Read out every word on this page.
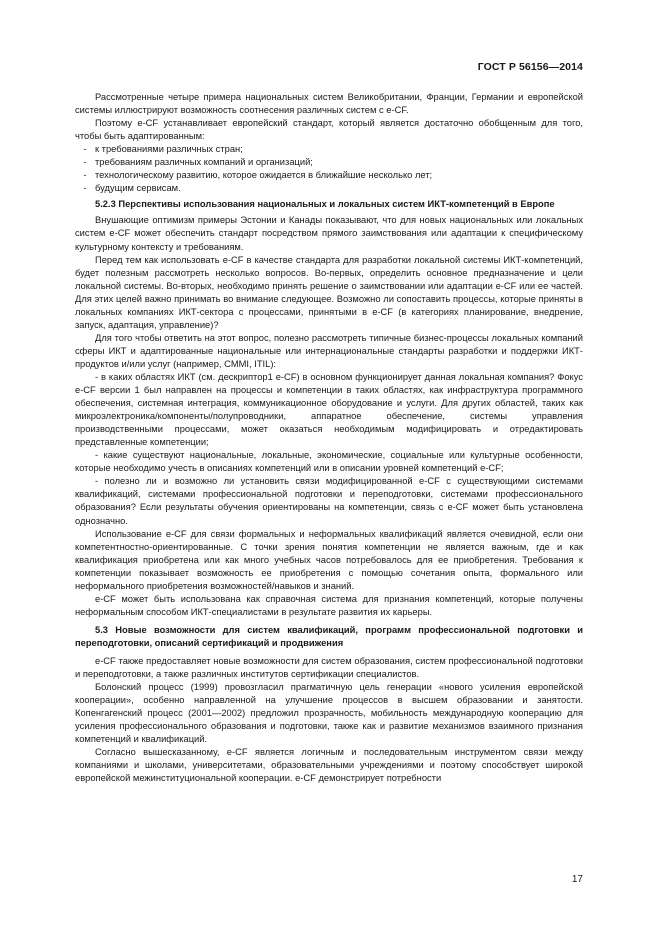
ГОСТ Р 56156—2014

Рассмотренные четыре примера национальных систем Великобритании, Франции, Германии и европейской системы иллюстрируют возможность соотнесения различных систем с e-CF.

Поэтому e-CF устанавливает европейский стандарт, который является достаточно обобщенным для того, чтобы быть адаптированным:

- к требованиями различных стран;

- требованиям различных компаний и организаций;

- технологическому развитию, которое ожидается в ближайшие несколько лет;

- будущим сервисам.

5.2.3 Перспективы использования национальных и локальных систем ИКТ-компетенций в Европе

Внушающие оптимизм примеры Эстонии и Канады показывают, что для новых национальных или локальных систем e-CF может обеспечить стандарт посредством прямого заимствования или адаптации к специфическому культурному контексту и требованиям.

Перед тем как использовать e-CF в качестве стандарта для разработки локальной системы ИКТ-компетенций, будет полезным рассмотреть несколько вопросов. Во-первых, определить основное предназначение и цели локальной системы. Во-вторых, необходимо принять решение о заимствовании или адаптации e-CF или ее частей. Для этих целей важно принимать во внимание следующее. Возможно ли сопоставить процессы, которые приняты в локальных компаниях ИКТ-сектора с процессами, принятыми в e-CF (в категориях планирование, внедрение, запуск, адаптация, управление)?

Для того чтобы ответить на этот вопрос, полезно рассмотреть типичные бизнес-процессы локальных компаний сферы ИКТ и адаптированные национальные или интернациональные стандарты разработки и поддержки ИКТ-продуктов и/или услуг (например, CMMI, ITIL):

- в каких областях ИКТ (см. дескриптор1 e-CF) в основном функционирует данная локальная компания? Фокус e-CF версии 1 был направлен на процессы и компетенции в таких областях, как инфраструктура программного обеспечения, системная интеграция, коммуникационное оборудование и услуги. Для других областей, таких как микроэлектроника/компоненты/полупроводники, аппаратное обеспечение, системы управления производственными процессами, может оказаться необходимым модифицировать и отредактировать представленные компетенции;

- какие существуют национальные, локальные, экономические, социальные или культурные особенности, которые необходимо учесть в описаниях компетенций или в описании уровней компетенций e-CF;

- полезно ли и возможно ли установить связи модифицированной e-CF с существующими системами квалификаций, системами профессиональной подготовки и переподготовки, системами профессионального образования? Если результаты обучения ориентированы на компетенции, связь с e-CF может быть установлена однозначно.

Использование e-CF для связи формальных и неформальных квалификаций является очевидной, если они компетентностно-ориентированные. С точки зрения понятия компетенции не является важным, где и как квалификация приобретена или как много учебных часов потребовалось для ее приобретения. Требования к компетенции показывает возможность ее приобретения с помощью сочетания опыта, формального или неформального приобретения возможностей/навыков и знаний.

e-CF может быть использована как справочная система для признания компетенций, которые получены неформальным способом ИКТ-специалистами в результате развития их карьеры.

5.3 Новые возможности для систем квалификаций, программ профессиональной подготовки и переподготовки, описаний сертификаций и продвижения

e-CF также предоставляет новые возможности для систем образования, систем профессиональной подготовки и переподготовки, а также различных институтов сертификации специалистов.

Болонский процесс (1999) провозгласил прагматичную цель генерации «нового усиления европейской кооперации», особенно направленной на улучшение процессов в высшем образовании и занятости. Копенгагенский процесс (2001—2002) предложил прозрачность, мобильность международную кооперацию для усиления профессионального образования и подготовки, также как и развитие механизмов взаимного признания компетенций и квалификаций.

Согласно вышесказанному, e-CF является логичным и последовательным инструментом связи между компаниями и школами, университетами, образовательными учреждениями и поэтому способствует широкой европейской межинституциональной кооперации. e-CF демонстрирует потребности

17
